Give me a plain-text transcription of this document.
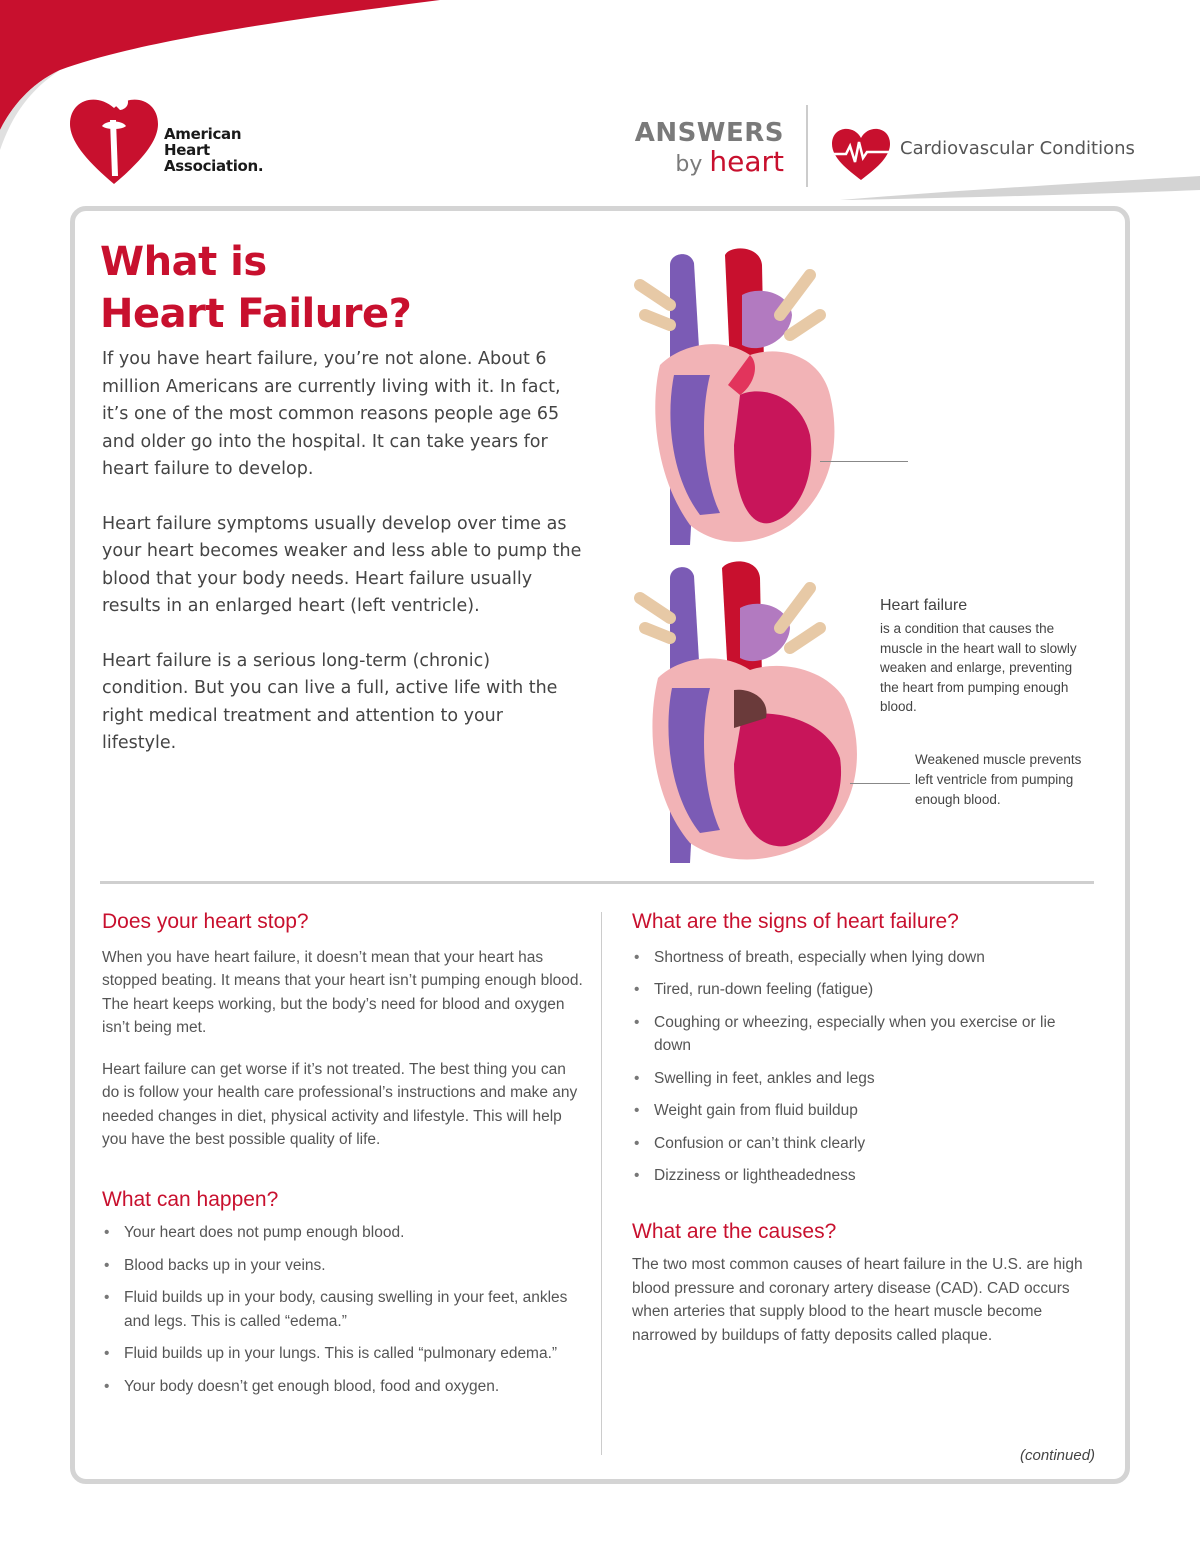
American
Heart
Association.
ANSWERS
by heart	Cardiovascular Conditions
What is
Heart Failure?

If you have heart failure, you’re not alone. About 6 million Americans are currently living with it. In fact, it’s one of the most common reasons people age 65 and older go into the hospital. It can take years for heart failure to develop.

Heart failure symptoms usually develop over time as your heart becomes weaker and less able to pump the blood that your body needs. Heart failure usually results in an enlarged heart (left ventricle).

Heart failure is a serious long-term (chronic) condition. But you can live a full, active life with the right medical treatment and attention to your lifestyle.

Heart failure
is a condition that causes the muscle in the heart wall to slowly weaken and enlarge, preventing the heart from pumping enough blood.
Weakened muscle prevents left ventricle from pumping enough blood.
Does your heart stop?

When you have heart failure, it doesn’t mean that your heart has stopped beating. It means that your heart isn’t pumping enough blood. The heart keeps working, but the body’s need for blood and oxygen isn’t being met.

Heart failure can get worse if it’s not treated. The best thing you can do is follow your health care professional’s instructions and make any needed changes in diet, physical activity and lifestyle. This will help you have the best possible quality of life.

What can happen?
• Your heart does not pump enough blood.
• Blood backs up in your veins.
• Fluid builds up in your body, causing swelling in your feet, ankles and legs. This is called “edema.”
• Fluid builds up in your lungs. This is called “pulmonary edema.”
• Your body doesn’t get enough blood, food and oxygen.
What are the signs of heart failure?
• Shortness of breath, especially when lying down
• Tired, run-down feeling (fatigue)
• Coughing or wheezing, especially when you exercise or lie down
• Swelling in feet, ankles and legs
• Weight gain from fluid buildup
• Confusion or can’t think clearly
• Dizziness or lightheadedness
What are the causes?

The two most common causes of heart failure in the U.S. are high blood pressure and coronary artery disease (CAD). CAD occurs when arteries that supply blood to the heart muscle become narrowed by buildups of fatty deposits called plaque.

(continued)
